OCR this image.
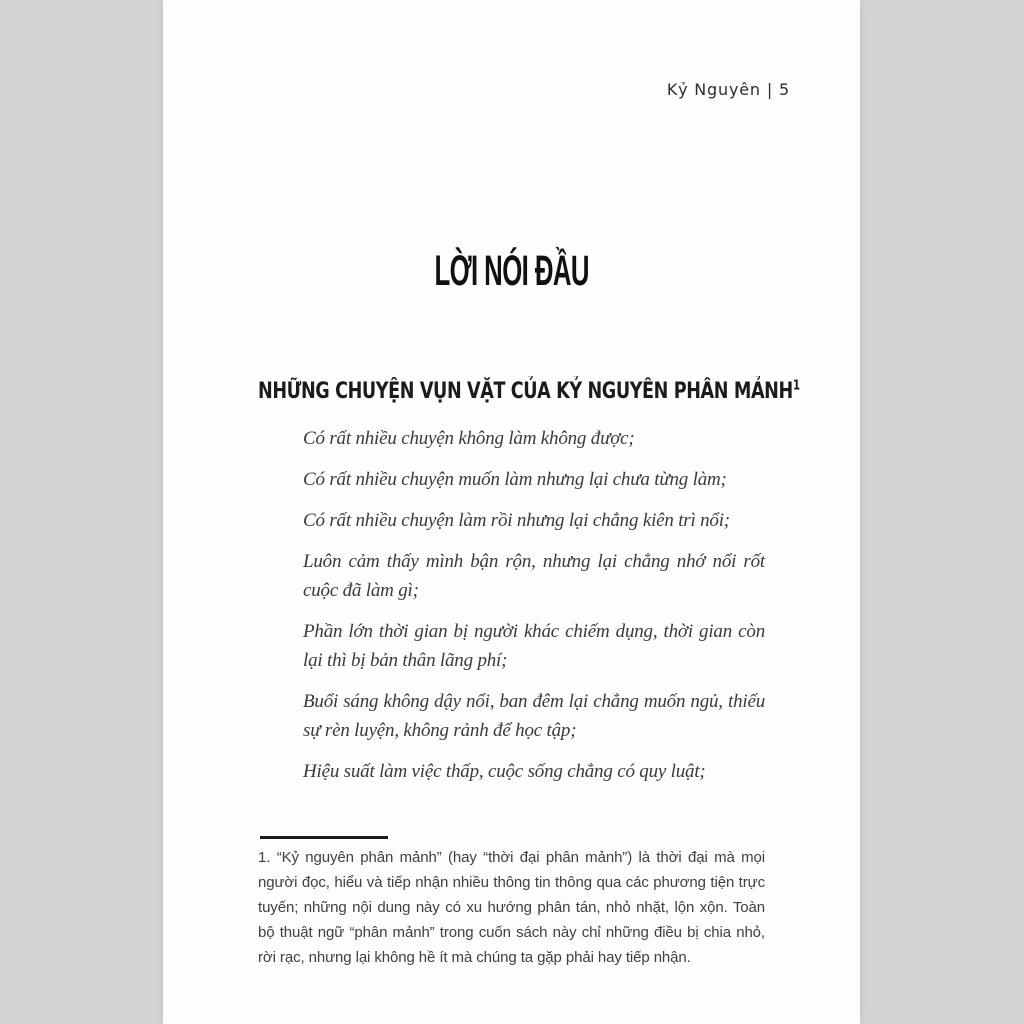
Kỷ Nguyên | 5
LỜI NÓI ĐẦU
NHỮNG CHUYỆN VỤN VẶT CỦA KỶ NGUYÊN PHÂN MẢNH$^1$

Có rất nhiều chuyện không làm không được;

Có rất nhiều chuyện muốn làm nhưng lại chưa từng làm;

Có rất nhiều chuyện làm rồi nhưng lại chẳng kiên trì nổi;

Luôn cảm thấy mình bận rộn, nhưng lại chẳng nhớ nổi rốt cuộc đã làm gì;

Phần lớn thời gian bị người khác chiếm dụng, thời gian còn lại thì bị bản thân lãng phí;

Buổi sáng không dậy nổi, ban đêm lại chẳng muốn ngủ, thiếu sự rèn luyện, không rảnh để học tập;

Hiệu suất làm việc thấp, cuộc sống chẳng có quy luật;

1. “Kỷ nguyên phân mảnh” (hay “thời đại phân mảnh”) là thời đại mà mọi người đọc, hiểu và tiếp nhận nhiều thông tin thông qua các phương tiện trực tuyến; những nội dung này có xu hướng phân tán, nhỏ nhặt, lộn xộn. Toàn bộ thuật ngữ “phân mảnh” trong cuốn sách này chỉ những điều bị chia nhỏ, rời rạc, nhưng lại không hề ít mà chúng ta gặp phải hay tiếp nhận.
